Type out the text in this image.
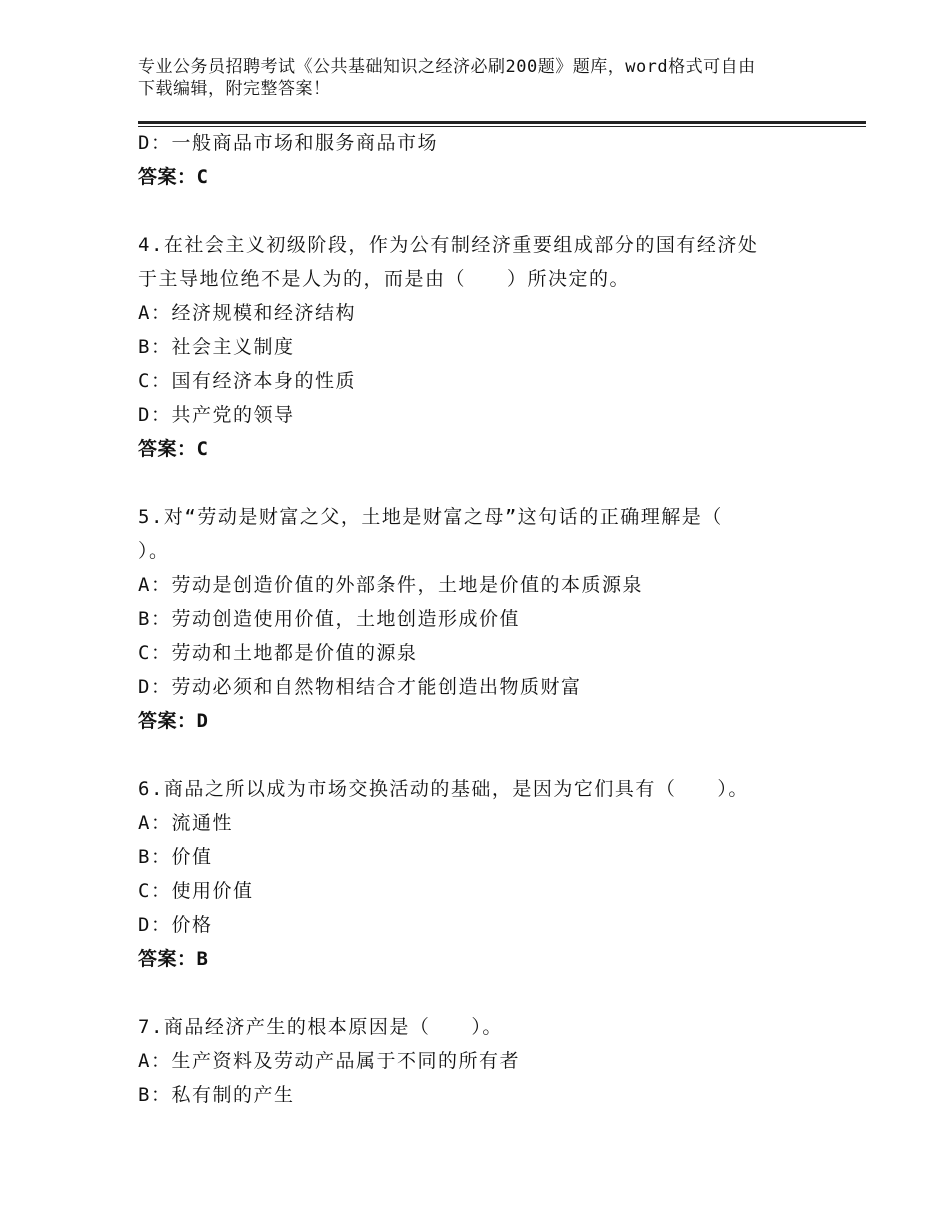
专业公务员招聘考试《公共基础知识之经济必刷200题》题库，word格式可自由
下载编辑，附完整答案！
D：一般商品市场和服务商品市场
答案：C
4.在社会主义初级阶段，作为公有制经济重要组成部分的国有经济处
于主导地位绝不是人为的，而是由（　　）所决定的。
A：经济规模和经济结构
B：社会主义制度
C：国有经济本身的性质
D：共产党的领导
答案：C
5.对“劳动是财富之父，土地是财富之母”这句话的正确理解是（
）。
A：劳动是创造价值的外部条件，土地是价值的本质源泉
B：劳动创造使用价值，土地创造形成价值
C：劳动和土地都是价值的源泉
D：劳动必须和自然物相结合才能创造出物质财富
答案：D
6.商品之所以成为市场交换活动的基础，是因为它们具有（　　）。
A：流通性
B：价值
C：使用价值
D：价格
答案：B
7.商品经济产生的根本原因是（　　）。
A：生产资料及劳动产品属于不同的所有者
B：私有制的产生
